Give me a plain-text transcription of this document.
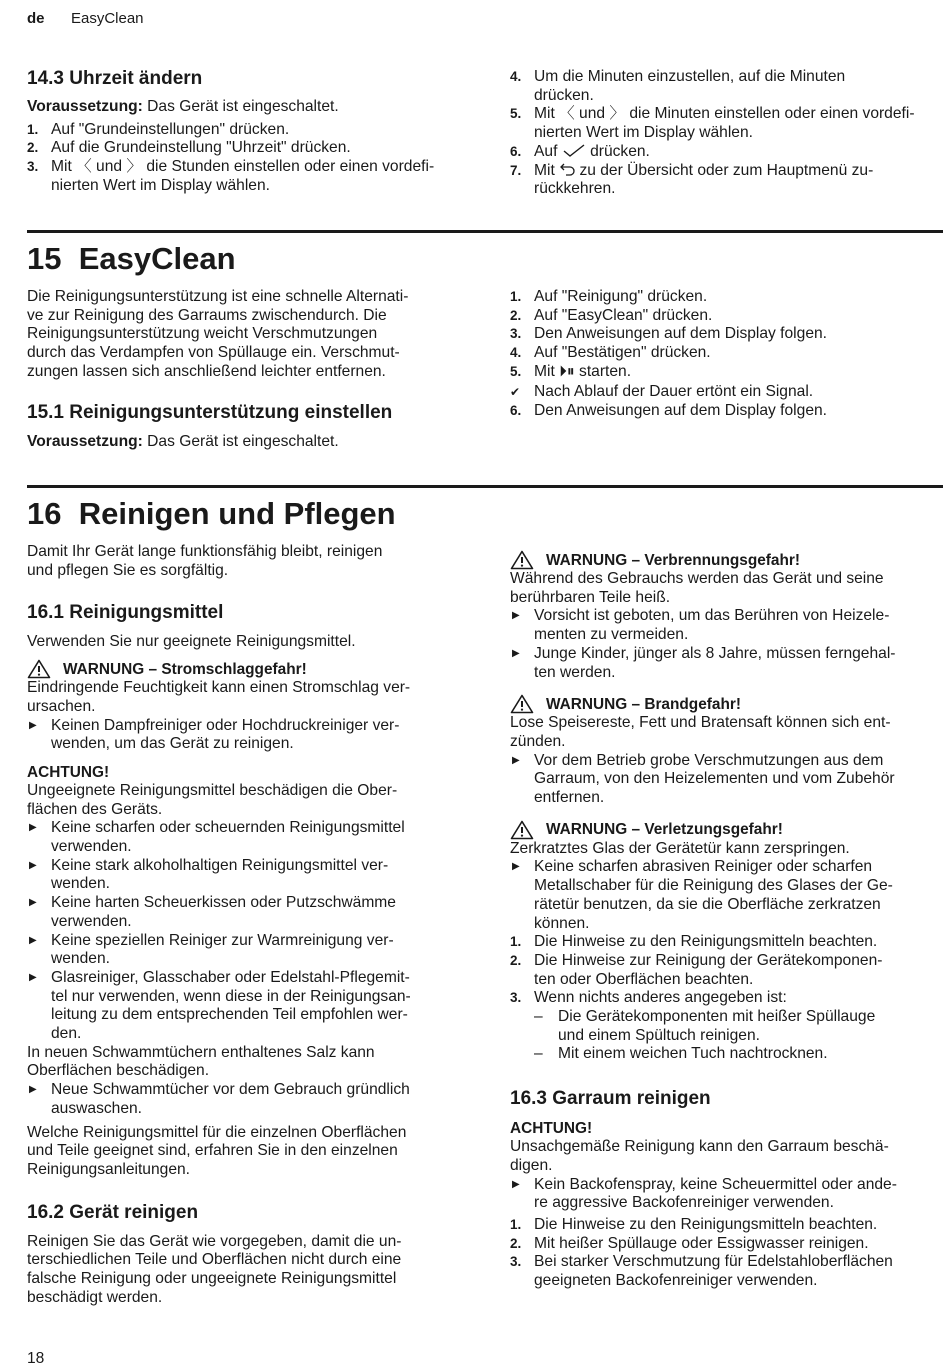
de EasyClean
14.3 Uhrzeit ändern
Voraussetzung: Das Gerät ist eingeschaltet.
1. Auf "Grundeinstellungen" drücken.
2. Auf die Grundeinstellung "Uhrzeit" drücken.
3. Mit 〈 und 〉 die Stunden einstellen oder einen vordefi-
nierten Wert im Display wählen.
4. Um die Minuten einzustellen, auf die Minuten
drücken.
5. Mit 〈 und 〉 die Minuten einstellen oder einen vordefi-
nierten Wert im Display wählen.
6. Auf  drücken.
7. Mit  zu der Übersicht oder zum Hauptmenü zu-
rückkehren.
15  EasyClean
Die Reinigungsunterstützung ist eine schnelle Alternati-
ve zur Reinigung des Garraums zwischendurch. Die
Reinigungsunterstützung weicht Verschmutzungen
durch das Verdampfen von Spüllauge ein. Verschmut-
zungen lassen sich anschließend leichter entfernen.
15.1 Reinigungsunterstützung einstellen
Voraussetzung: Das Gerät ist eingeschaltet.
1. Auf "Reinigung" drücken.
2. Auf "EasyClean" drücken.
3. Den Anweisungen auf dem Display folgen.
4. Auf "Bestätigen" drücken.
5. Mit ⏵⏸ starten.
✔ Nach Ablauf der Dauer ertönt ein Signal.
6. Den Anweisungen auf dem Display folgen.
16  Reinigen und Pflegen
Damit Ihr Gerät lange funktionsfähig bleibt, reinigen
und pflegen Sie es sorgfältig.
16.1 Reinigungsmittel
Verwenden Sie nur geeignete Reinigungsmittel.
WARNUNG – Stromschlaggefahr!
Eindringende Feuchtigkeit kann einen Stromschlag ver-
ursachen.
▶ Keinen Dampfreiniger oder Hochdruckreiniger ver-
wenden, um das Gerät zu reinigen.
ACHTUNG!
Ungeeignete Reinigungsmittel beschädigen die Ober-
flächen des Geräts.
▶ Keine scharfen oder scheuernden Reinigungsmittel
verwenden.
▶ Keine stark alkoholhaltigen Reinigungsmittel ver-
wenden.
▶ Keine harten Scheuerkissen oder Putzschwämme
verwenden.
▶ Keine speziellen Reiniger zur Warmreinigung ver-
wenden.
▶ Glasreiniger, Glasschaber oder Edelstahl-Pflegemit-
tel nur verwenden, wenn diese in der Reinigungsan-
leitung zu dem entsprechenden Teil empfohlen wer-
den.
In neuen Schwammtüchern enthaltenes Salz kann
Oberflächen beschädigen.
▶ Neue Schwammtücher vor dem Gebrauch gründlich
auswaschen.
Welche Reinigungsmittel für die einzelnen Oberflächen
und Teile geeignet sind, erfahren Sie in den einzelnen
Reinigungsanleitungen.
16.2 Gerät reinigen
Reinigen Sie das Gerät wie vorgegeben, damit die un-
terschiedlichen Teile und Oberflächen nicht durch eine
falsche Reinigung oder ungeeignete Reinigungsmittel
beschädigt werden.
WARNUNG – Verbrennungsgefahr!
Während des Gebrauchs werden das Gerät und seine
berührbaren Teile heiß.
▶ Vorsicht ist geboten, um das Berühren von Heizele-
menten zu vermeiden.
▶ Junge Kinder, jünger als 8 Jahre, müssen ferngehal-
ten werden.
WARNUNG – Brandgefahr!
Lose Speisereste, Fett und Bratensaft können sich ent-
zünden.
▶ Vor dem Betrieb grobe Verschmutzungen aus dem
Garraum, von den Heizelementen und vom Zubehör
entfernen.
WARNUNG – Verletzungsgefahr!
Zerkratztes Glas der Gerätetür kann zerspringen.
▶ Keine scharfen abrasiven Reiniger oder scharfen
Metallschaber für die Reinigung des Glases der Ge-
rätetür benutzen, da sie die Oberfläche zerkratzen
können.
1. Die Hinweise zu den Reinigungsmitteln beachten.
2. Die Hinweise zur Reinigung der Gerätekomponen-
ten oder Oberflächen beachten.
3. Wenn nichts anderes angegeben ist:
– Die Gerätekomponenten mit heißer Spüllauge
und einem Spültuch reinigen.
– Mit einem weichen Tuch nachtrocknen.
16.3 Garraum reinigen
ACHTUNG!
Unsachgemäße Reinigung kann den Garraum beschä-
digen.
▶ Kein Backofenspray, keine Scheuermittel oder ande-
re aggressive Backofenreiniger verwenden.
1. Die Hinweise zu den Reinigungsmitteln beachten.
2. Mit heißer Spüllauge oder Essigwasser reinigen.
3. Bei starker Verschmutzung für Edelstahloberflächen
geeigneten Backofenreiniger verwenden.
18
